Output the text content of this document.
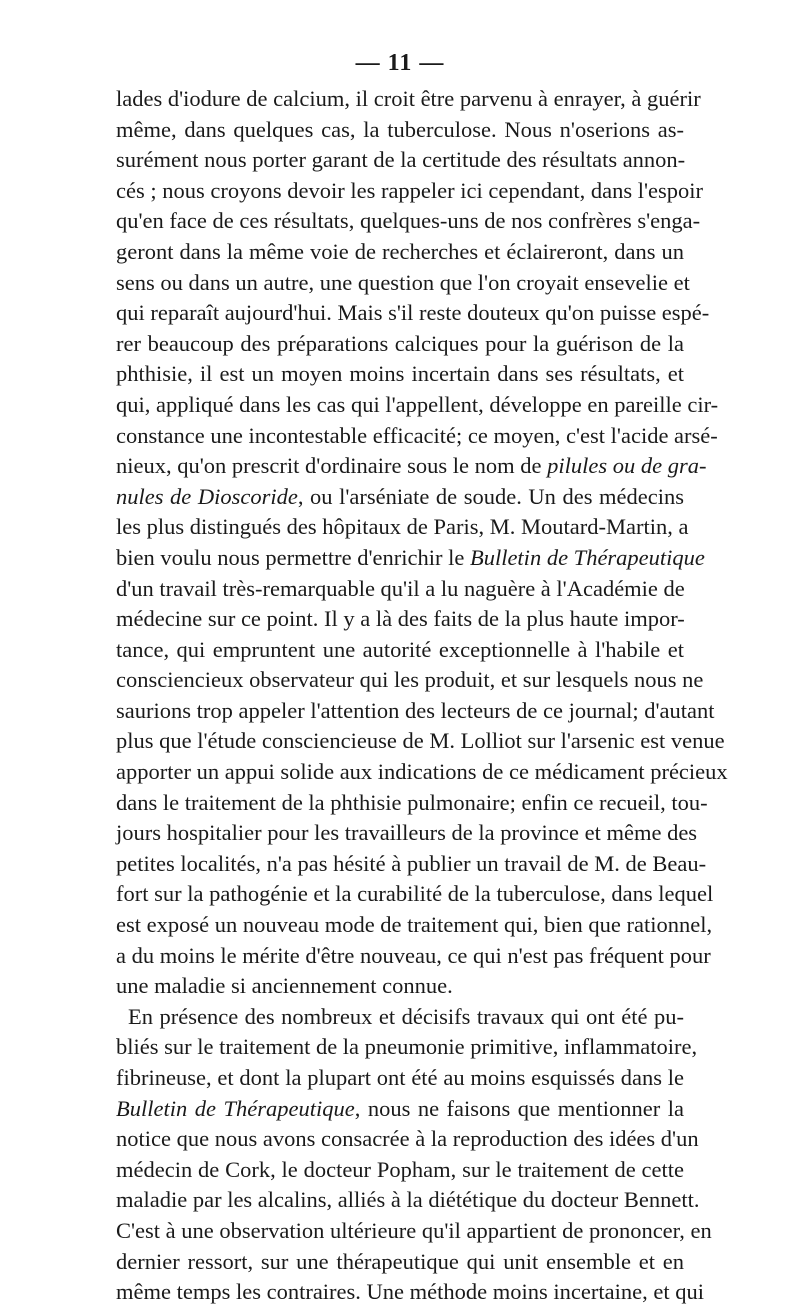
— 11 —
lades d'iodure de calcium, il croit être parvenu à enrayer, à guérir
même, dans quelques cas, la tuberculose. Nous n'oserions as-
surément nous porter garant de la certitude des résultats annon-
cés ; nous croyons devoir les rappeler ici cependant, dans l'espoir
qu'en face de ces résultats, quelques-uns de nos confrères s'enga-
geront dans la même voie de recherches et éclaireront, dans un
sens ou dans un autre, une question que l'on croyait ensevelie et
qui reparaît aujourd'hui. Mais s'il reste douteux qu'on puisse espé-
rer beaucoup des préparations calciques pour la guérison de la
phthisie, il est un moyen moins incertain dans ses résultats, et
qui, appliqué dans les cas qui l'appellent, développe en pareille cir-
constance une incontestable efficacité; ce moyen, c'est l'acide arsé-
nieux, qu'on prescrit d'ordinaire sous le nom de pilules ou de gra-
nules de Dioscoride, ou l'arséniate de soude. Un des médecins
les plus distingués des hôpitaux de Paris, M. Moutard-Martin, a
bien voulu nous permettre d'enrichir le Bulletin de Thérapeutique
d'un travail très-remarquable qu'il a lu naguère à l'Académie de
médecine sur ce point. Il y a là des faits de la plus haute impor-
tance, qui empruntent une autorité exceptionnelle à l'habile et
consciencieux observateur qui les produit, et sur lesquels nous ne
saurions trop appeler l'attention des lecteurs de ce journal; d'autant
plus que l'étude consciencieuse de M. Lolliot sur l'arsenic est venue
apporter un appui solide aux indications de ce médicament précieux
dans le traitement de la phthisie pulmonaire; enfin ce recueil, tou-
jours hospitalier pour les travailleurs de la province et même des
petites localités, n'a pas hésité à publier un travail de M. de Beau-
fort sur la pathogénie et la curabilité de la tuberculose, dans lequel
est exposé un nouveau mode de traitement qui, bien que rationnel,
a du moins le mérite d'être nouveau, ce qui n'est pas fréquent pour
une maladie si anciennement connue.
En présence des nombreux et décisifs travaux qui ont été pu-
bliés sur le traitement de la pneumonie primitive, inflammatoire,
fibrineuse, et dont la plupart ont été au moins esquissés dans le
Bulletin de Thérapeutique, nous ne faisons que mentionner la
notice que nous avons consacrée à la reproduction des idées d'un
médecin de Cork, le docteur Popham, sur le traitement de cette
maladie par les alcalins, alliés à la diététique du docteur Bennett.
C'est à une observation ultérieure qu'il appartient de prononcer, en
dernier ressort, sur une thérapeutique qui unit ensemble et en
même temps les contraires. Une méthode moins incertaine, et qui
